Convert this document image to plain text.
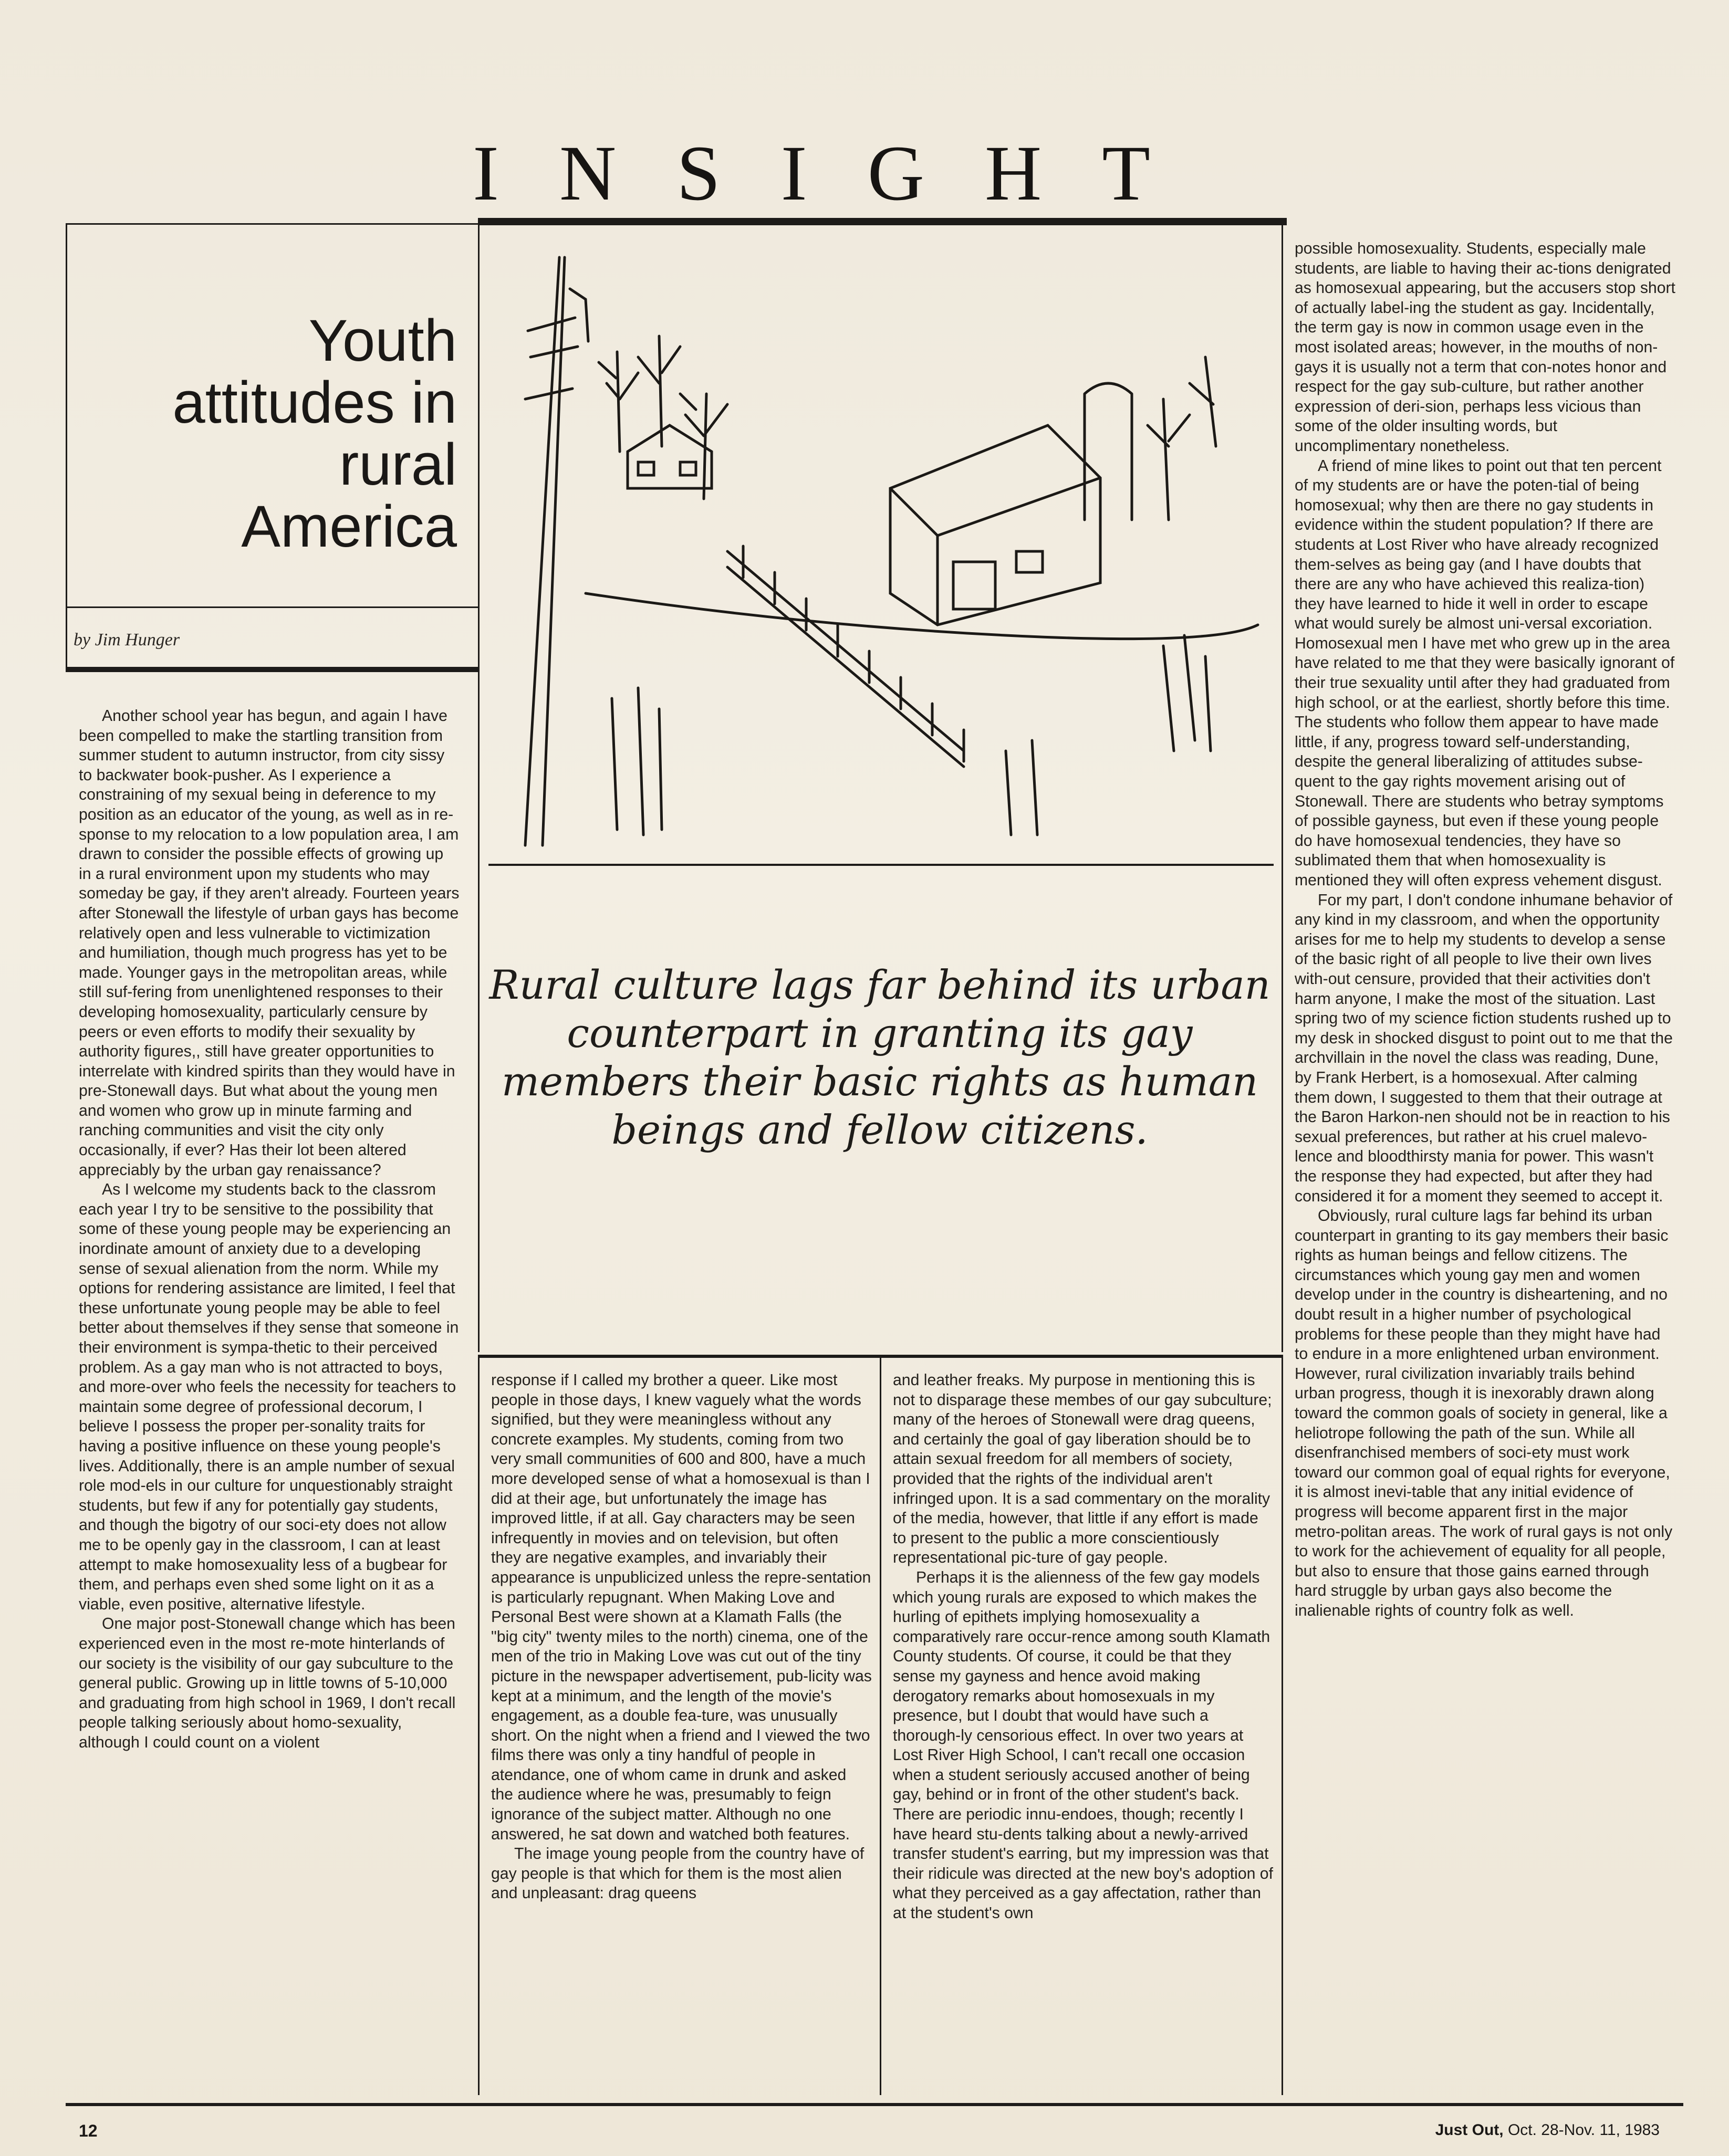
INSIGHT
Youth
attitudes in
rural
America
by Jim Hunger

Another school year has begun, and again I have been compelled to make the startling transition from summer student to autumn instructor, from city sissy to backwater book-pusher. As I experience a constraining of my sexual being in deference to my position as an educator of the young, as well as in re-sponse to my relocation to a low population area, I am drawn to consider the possible effects of growing up in a rural environment upon my students who may someday be gay, if they aren't already. Fourteen years after Stonewall the lifestyle of urban gays has become relatively open and less vulnerable to victimization and humiliation, though much progress has yet to be made. Younger gays in the metropolitan areas, while still suf-fering from unenlightened responses to their developing homosexuality, particularly censure by peers or even efforts to modify their sexuality by authority figures,, still have greater opportunities to interrelate with kindred spirits than they would have in pre-Stonewall days. But what about the young men and women who grow up in minute farming and ranching communities and visit the city only occasionally, if ever? Has their lot been altered appreciably by the urban gay renaissance?

As I welcome my students back to the classrom each year I try to be sensitive to the possibility that some of these young people may be experiencing an inordinate amount of anxiety due to a developing sense of sexual alienation from the norm. While my options for rendering assistance are limited, I feel that these unfortunate young people may be able to feel better about themselves if they sense that someone in their environment is sympa-thetic to their perceived problem. As a gay man who is not attracted to boys, and more-over who feels the necessity for teachers to maintain some degree of professional decorum, I believe I possess the proper per-sonality traits for having a positive influence on these young people's lives. Additionally, there is an ample number of sexual role mod-els in our culture for unquestionably straight students, but few if any for potentially gay students, and though the bigotry of our soci-ety does not allow me to be openly gay in the classroom, I can at least attempt to make homosexuality less of a bugbear for them, and perhaps even shed some light on it as a viable, even positive, alternative lifestyle.

One major post-Stonewall change which has been experienced even in the most re-mote hinterlands of our society is the visibility of our gay subculture to the general public. Growing up in little towns of 5-10,000 and graduating from high school in 1969, I don't recall people talking seriously about homo-sexuality, although I could count on a violent

Rural culture lags far behind its urban counterpart in granting its gay members their basic rights as human beings and fellow citizens.

response if I called my brother a queer. Like most people in those days, I knew vaguely what the words signified, but they were meaningless without any concrete examples. My students, coming from two very small communities of 600 and 800, have a much more developed sense of what a homosexual is than I did at their age, but unfortunately the image has improved little, if at all. Gay characters may be seen infrequently in movies and on television, but often they are negative examples, and invariably their appearance is unpublicized unless the repre-sentation is particularly repugnant. When Making Love and Personal Best were shown at a Klamath Falls (the "big city" twenty miles to the north) cinema, one of the men of the trio in Making Love was cut out of the tiny picture in the newspaper advertisement, pub-licity was kept at a minimum, and the length of the movie's engagement, as a double fea-ture, was unusually short. On the night when a friend and I viewed the two films there was only a tiny handful of people in atendance, one of whom came in drunk and asked the audience where he was, presumably to feign ignorance of the subject matter. Although no one answered, he sat down and watched both features.

The image young people from the country have of gay people is that which for them is the most alien and unpleasant: drag queens

and leather freaks. My purpose in mentioning this is not to disparage these membes of our gay subculture; many of the heroes of Stonewall were drag queens, and certainly the goal of gay liberation should be to attain sexual freedom for all members of society, provided that the rights of the individual aren't infringed upon. It is a sad commentary on the morality of the media, however, that little if any effort is made to present to the public a more conscientiously representational pic-ture of gay people.

Perhaps it is the alienness of the few gay models which young rurals are exposed to which makes the hurling of epithets implying homosexuality a comparatively rare occur-rence among south Klamath County students. Of course, it could be that they sense my gayness and hence avoid making derogatory remarks about homosexuals in my presence, but I doubt that would have such a thorough-ly censorious effect. In over two years at Lost River High School, I can't recall one occasion when a student seriously accused another of being gay, behind or in front of the other student's back. There are periodic innu-endoes, though; recently I have heard stu-dents talking about a newly-arrived transfer student's earring, but my impression was that their ridicule was directed at the new boy's adoption of what they perceived as a gay affectation, rather than at the student's own

possible homosexuality. Students, especially male students, are liable to having their ac-tions denigrated as homosexual appearing, but the accusers stop short of actually label-ing the student as gay. Incidentally, the term gay is now in common usage even in the most isolated areas; however, in the mouths of non-gays it is usually not a term that con-notes honor and respect for the gay sub-culture, but rather another expression of deri-sion, perhaps less vicious than some of the older insulting words, but uncomplimentary nonetheless.

A friend of mine likes to point out that ten percent of my students are or have the poten-tial of being homosexual; why then are there no gay students in evidence within the student population? If there are students at Lost River who have already recognized them-selves as being gay (and I have doubts that there are any who have achieved this realiza-tion) they have learned to hide it well in order to escape what would surely be almost uni-versal excoriation. Homosexual men I have met who grew up in the area have related to me that they were basically ignorant of their true sexuality until after they had graduated from high school, or at the earliest, shortly before this time. The students who follow them appear to have made little, if any, progress toward self-understanding, despite the general liberalizing of attitudes subse-quent to the gay rights movement arising out of Stonewall. There are students who betray symptoms of possible gayness, but even if these young people do have homosexual tendencies, they have so sublimated them that when homosexuality is mentioned they will often express vehement disgust.

For my part, I don't condone inhumane behavior of any kind in my classroom, and when the opportunity arises for me to help my students to develop a sense of the basic right of all people to live their own lives with-out censure, provided that their activities don't harm anyone, I make the most of the situation. Last spring two of my science fiction students rushed up to my desk in shocked disgust to point out to me that the archvillain in the novel the class was reading, Dune, by Frank Herbert, is a homosexual. After calming them down, I suggested to them that their outrage at the Baron Harkon-nen should not be in reaction to his sexual preferences, but rather at his cruel malevo-lence and bloodthirsty mania for power. This wasn't the response they had expected, but after they had considered it for a moment they seemed to accept it.

Obviously, rural culture lags far behind its urban counterpart in granting to its gay members their basic rights as human beings and fellow citizens. The circumstances which young gay men and women develop under in the country is disheartening, and no doubt result in a higher number of psychological problems for these people than they might have had to endure in a more enlightened urban environment. However, rural civilization invariably trails behind urban progress, though it is inexorably drawn along toward the common goals of society in general, like a heliotrope following the path of the sun. While all disenfranchised members of soci-ety must work toward our common goal of equal rights for everyone, it is almost inevi-table that any initial evidence of progress will become apparent first in the major metro-politan areas. The work of rural gays is not only to work for the achievement of equality for all people, but also to ensure that those gains earned through hard struggle by urban gays also become the inalienable rights of country folk as well.

12	Just Out, Oct. 28-Nov. 11, 1983
